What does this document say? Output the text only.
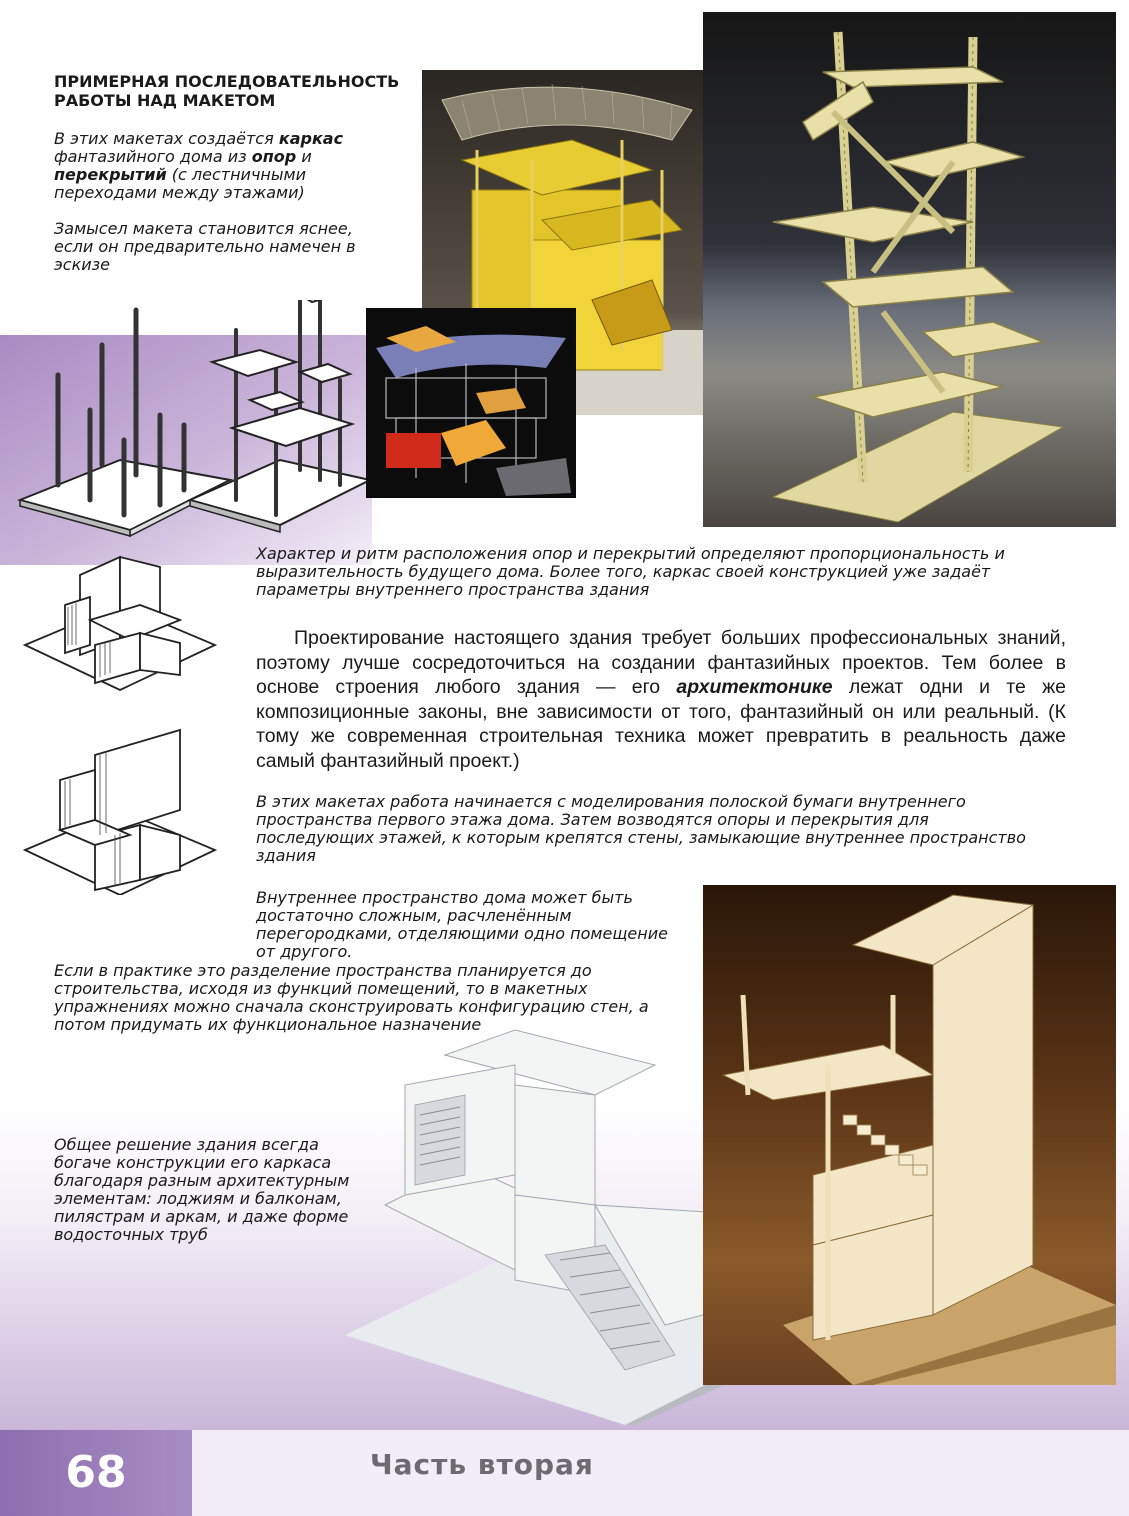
ПРИМЕРНАЯ ПОСЛЕДОВАТЕЛЬНОСТЬ РАБОТЫ НАД МАКЕТОМ
В этих макетах создаётся каркас фантазийного дома из опор и перекрытий (с лестничными переходами между этажами)
Замысел макета становится яснее, если он предварительно намечен в эскизе
Характер и ритм расположения опор и перекрытий определяют пропорциональность и выразительность будущего дома. Более того, каркас своей конструкцией уже задаёт параметры внутреннего пространства здания
Проектирование настоящего здания требует больших профессиональных знаний, поэтому лучше сосредоточиться на создании фантазийных проектов. Тем более в основе строения любого здания — его архитектонике лежат одни и те же композиционные законы, вне зависимости от того, фантазийный он или реальный. (К тому же современная строительная техника может превратить в реальность даже самый фантазийный проект.)
В этих макетах работа начинается с моделирования полоской бумаги внутреннего пространства первого этажа дома. Затем возводятся опоры и перекрытия для последующих этажей, к которым крепятся стены, замыкающие внутреннее пространство здания
Внутреннее пространство дома может быть достаточно сложным, расчленённым перегородками, отделяющими одно помещение от другого.
Если в практике это разделение пространства планируется до строительства, исходя из функций помещений, то в макетных упражнениях можно сначала сконструировать конфигурацию стен, а потом придумать их функциональное назначение
Общее решение здания всегда богаче конструкции его каркаса благодаря разным архитектурным элементам: лоджиям и балконам, пилястрам и аркам, и даже форме водосточных труб
68	Часть вторая
